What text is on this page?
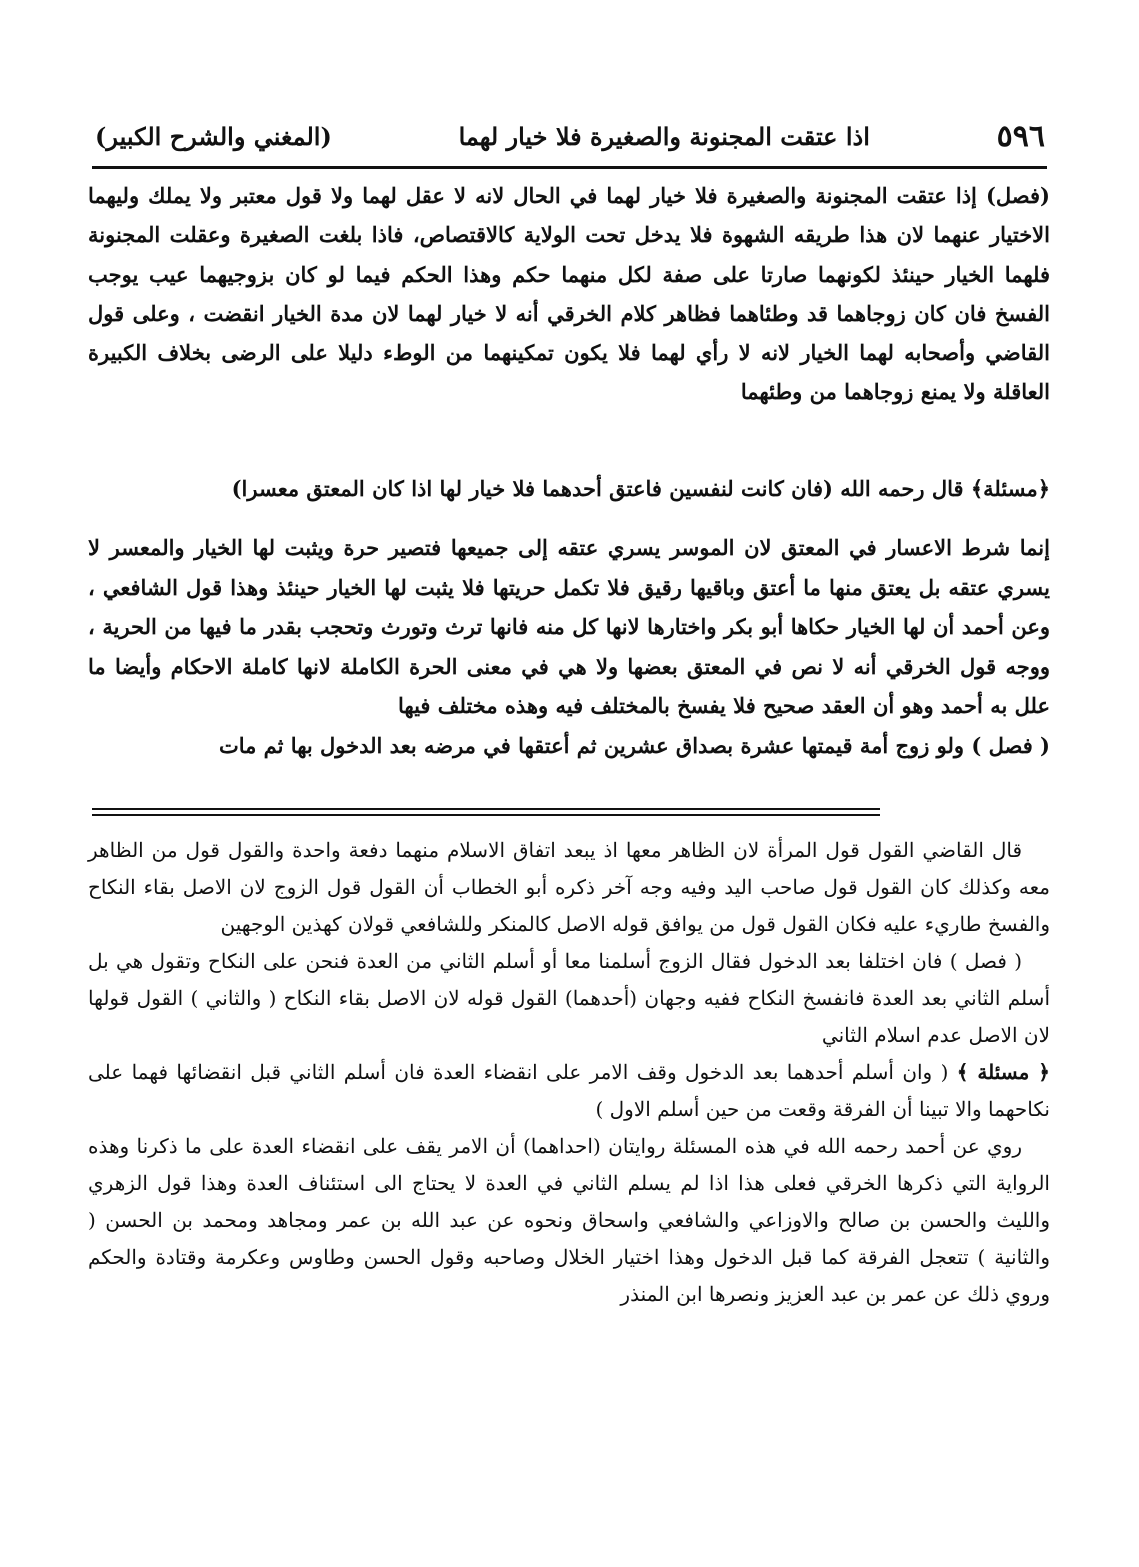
٥٩٦
اذا عتقت المجنونة والصغيرة فلا خيار لهما
(المغني والشرح الكبير)

(فصل) إذا عتقت المجنونة والصغيرة فلا خيار لهما في الحال لانه لا عقل لهما ولا قول معتبر ولا يملك وليهما الاختيار عنهما لان هذا طريقه الشهوة فلا يدخل تحت الولاية كالاقتصاص، فاذا بلغت الصغيرة وعقلت المجنونة فلهما الخيار حينئذ لكونهما صارتا على صفة لكل منهما حكم وهذا الحكم فيما لو كان بزوجيهما عيب يوجب الفسخ فان كان زوجاهما قد وطئاهما فظاهر كلام الخرقي أنه لا خيار لهما لان مدة الخيار انقضت ، وعلى قول القاضي وأصحابه لهما الخيار لانه لا رأي لهما فلا يكون تمكينهما من الوطء دليلا على الرضى بخلاف الكبيرة العاقلة ولا يمنع زوجاهما من وطئهما

﴿مسئلة﴾ قال رحمه الله (فان كانت لنفسين فاعتق أحدهما فلا خيار لها اذا كان المعتق معسرا)

إنما شرط الاعسار في المعتق لان الموسر يسري عتقه إلى جميعها فتصير حرة ويثبت لها الخيار والمعسر لا يسري عتقه بل يعتق منها ما أعتق وباقيها رقيق فلا تكمل حريتها فلا يثبت لها الخيار حينئذ وهذا قول الشافعي ، وعن أحمد أن لها الخيار حكاها أبو بكر واختارها لانها كل منه فانها ترث وتورث وتحجب بقدر ما فيها من الحرية ، ووجه قول الخرقي أنه لا نص في المعتق بعضها ولا هي في معنى الحرة الكاملة لانها كاملة الاحكام وأيضا ما علل به أحمد وهو أن العقد صحيح فلا يفسخ بالمختلف فيه وهذه مختلف فيها

( فصل ) ولو زوج أمة قيمتها عشرة بصداق عشرين ثم أعتقها في مرضه بعد الدخول بها ثم مات

قال القاضي القول قول المرأة لان الظاهر معها اذ يبعد اتفاق الاسلام منهما دفعة واحدة والقول قول من الظاهر معه وكذلك كان القول قول صاحب اليد وفيه وجه آخر ذكره أبو الخطاب أن القول قول الزوج لان الاصل بقاء النكاح والفسخ طاريء عليه فكان القول قول من يوافق قوله الاصل كالمنكر وللشافعي قولان كهذين الوجهين

( فصل ) فان اختلفا بعد الدخول فقال الزوج أسلمنا معا أو أسلم الثاني من العدة فنحن على النكاح وتقول هي بل أسلم الثاني بعد العدة فانفسخ النكاح ففيه وجهان (أحدهما) القول قوله لان الاصل بقاء النكاح ( والثاني ) القول قولها لان الاصل عدم اسلام الثاني

﴿ مسئلة ﴾ ( وان أسلم أحدهما بعد الدخول وقف الامر على انقضاء العدة فان أسلم الثاني قبل انقضائها فهما على نكاحهما والا تبينا أن الفرقة وقعت من حين أسلم الاول )

روي عن أحمد رحمه الله في هذه المسئلة روايتان (احداهما) أن الامر يقف على انقضاء العدة على ما ذكرنا وهذه الرواية التي ذكرها الخرقي فعلى هذا اذا لم يسلم الثاني في العدة لا يحتاج الى استئناف العدة وهذا قول الزهري والليث والحسن بن صالح والاوزاعي والشافعي واسحاق ونحوه عن عبد الله بن عمر ومجاهد ومحمد بن الحسن ( والثانية ) تتعجل الفرقة كما قبل الدخول وهذا اختيار الخلال وصاحبه وقول الحسن وطاوس وعكرمة وقتادة والحكم وروي ذلك عن عمر بن عبد العزيز ونصرها ابن المنذر
